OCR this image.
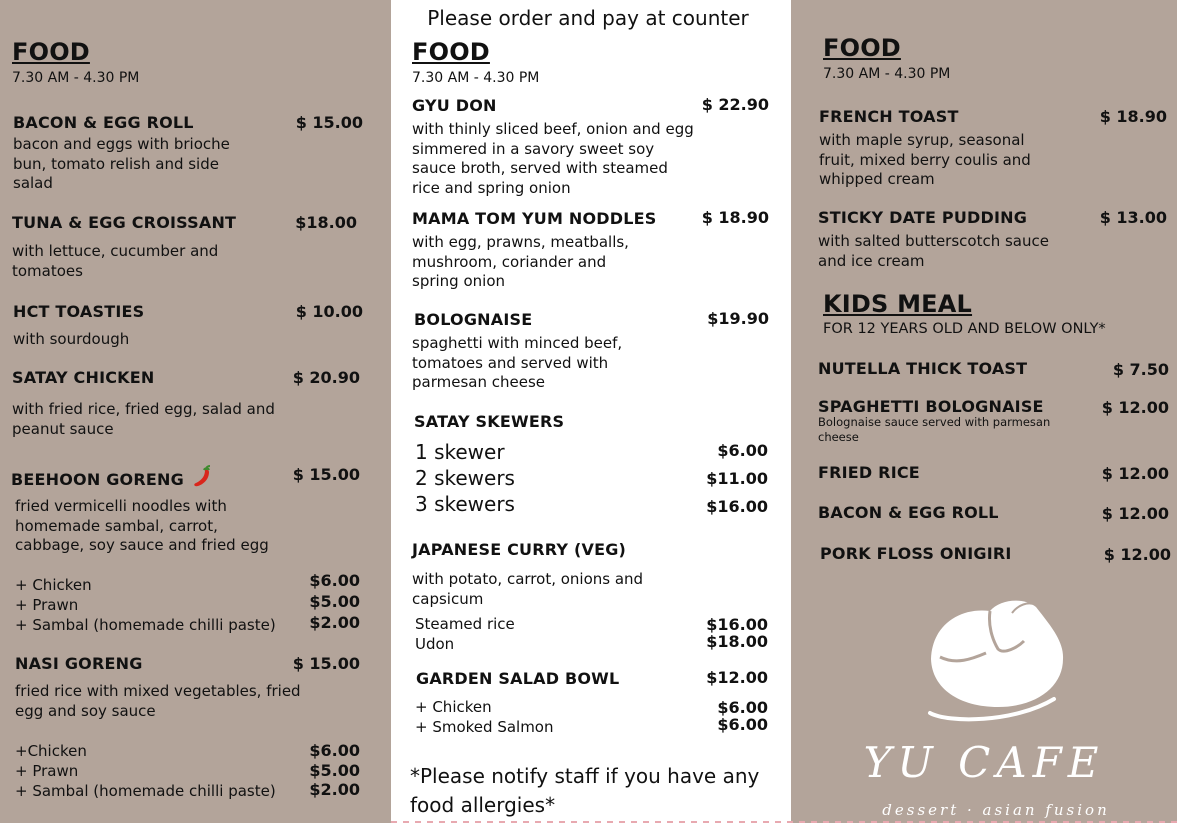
FOOD
7.30 AM - 4.30 PM
BACON & EGG ROLL	$ 15.00
bacon and eggs with brioche bun, tomato relish and side salad
TUNA & EGG CROISSANT	$18.00
with lettuce, cucumber and tomatoes
HCT TOASTIES	$ 10.00
with sourdough
SATAY CHICKEN	$ 20.90
with fried rice, fried egg, salad and peanut sauce
BEEHOON GORENG	$ 15.00
fried vermicelli noodles with homemade sambal, carrot, cabbage, soy sauce and fried egg
+ Chicken	$6.00
+ Prawn	$5.00
+ Sambal (homemade chilli paste) $2.00
NASI GORENG	$ 15.00
fried rice with mixed vegetables, fried egg and soy sauce
+Chicken	$6.00
+ Prawn	$5.00
+ Sambal (homemade chilli paste) $2.00
Please order and pay at counter
FOOD
7.30 AM - 4.30 PM
GYU DON	$ 22.90
with thinly sliced beef, onion and egg simmered in a savory sweet soy sauce broth, served with steamed rice and spring onion
MAMA TOM YUM NODDLES	$ 18.90
with egg, prawns, meatballs, mushroom, coriander and spring onion
BOLOGNAISE	$19.90
spaghetti with minced beef, tomatoes and served with parmesan cheese
SATAY SKEWERS
1 skewer	$6.00
2 skewers	$11.00
3 skewers	$16.00
JAPANESE CURRY (VEG)
with potato, carrot, onions and capsicum
Steamed rice	$16.00
Udon	$18.00
GARDEN SALAD BOWL	$12.00
+ Chicken	$6.00
+ Smoked Salmon	$6.00
*Please notify staff if you have any food allergies*
FOOD
7.30 AM - 4.30 PM
FRENCH TOAST	$ 18.90
with maple syrup, seasonal fruit, mixed berry coulis and whipped cream
STICKY DATE PUDDING	$ 13.00
with salted butterscotch sauce and ice cream
KIDS MEAL
FOR 12 YEARS OLD AND BELOW ONLY*
NUTELLA THICK TOAST	$ 7.50
SPAGHETTI BOLOGNAISE	$ 12.00
Bolognaise sauce served with parmesan cheese
FRIED RICE	$ 12.00
BACON & EGG ROLL	$ 12.00
PORK FLOSS ONIGIRI	$ 12.00
YU CAFE
dessert · asian fusion
